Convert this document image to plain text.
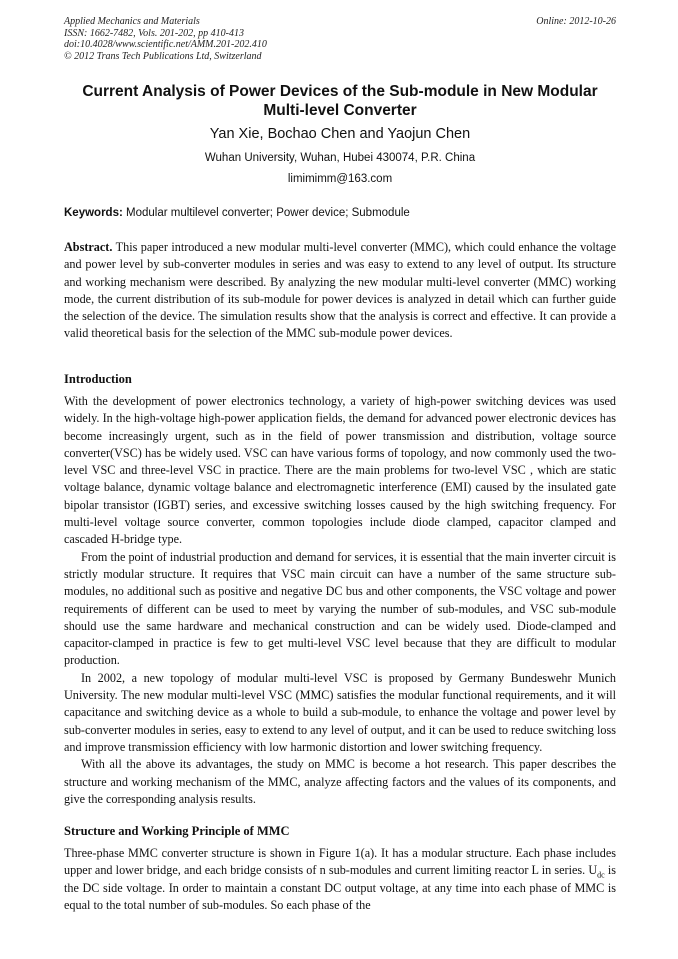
Applied Mechanics and Materials
ISSN: 1662-7482, Vols. 201-202, pp 410-413
doi:10.4028/www.scientific.net/AMM.201-202.410
© 2012 Trans Tech Publications Ltd, Switzerland
Online: 2012-10-26
Current Analysis of Power Devices of the Sub-module in New Modular Multi-level Converter
Yan Xie, Bochao Chen and Yaojun Chen
Wuhan University, Wuhan, Hubei 430074, P.R. China
limimimm@163.com
Keywords: Modular multilevel converter; Power device; Submodule
Abstract. This paper introduced a new modular multi-level converter (MMC), which could enhance the voltage and power level by sub-converter modules in series and was easy to extend to any level of output. Its structure and working mechanism were described. By analyzing the new modular multi-level converter (MMC) working mode, the current distribution of its sub-module for power devices is analyzed in detail which can further guide the selection of the device. The simulation results show that the analysis is correct and effective. It can provide a valid theoretical basis for the selection of the MMC sub-module power devices.
Introduction

With the development of power electronics technology, a variety of high-power switching devices was used widely. In the high-voltage high-power application fields, the demand for advanced power electronic devices has become increasingly urgent, such as in the field of power transmission and distribution, voltage source converter(VSC) has be widely used. VSC can have various forms of topology, and now commonly used the two-level VSC and three-level VSC in practice. There are the main problems for two-level VSC , which are static voltage balance, dynamic voltage balance and electromagnetic interference (EMI) caused by the insulated gate bipolar transistor (IGBT) series, and excessive switching losses caused by the high switching frequency. For multi-level voltage source converter, common topologies include diode clamped, capacitor clamped and cascaded H-bridge type.

From the point of industrial production and demand for services, it is essential that the main inverter circuit is strictly modular structure. It requires that VSC main circuit can have a number of the same structure sub-modules, no additional such as positive and negative DC bus and other components, the VSC voltage and power requirements of different can be used to meet by varying the number of sub-modules, and VSC sub-module should use the same hardware and mechanical construction and can be widely used. Diode-clamped and capacitor-clamped in practice is few to get multi-level VSC level because that they are difficult to modular production.

In 2002, a new topology of modular multi-level VSC is proposed by Germany Bundeswehr Munich University. The new modular multi-level VSC (MMC) satisfies the modular functional requirements, and it will capacitance and switching device as a whole to build a sub-module, to enhance the voltage and power level by sub-converter modules in series, easy to extend to any level of output, and it can be used to reduce switching loss and improve transmission efficiency with low harmonic distortion and lower switching frequency.

With all the above its advantages, the study on MMC is become a hot research. This paper describes the structure and working mechanism of the MMC, analyze affecting factors and the values of its components, and give the corresponding analysis results.

Structure and Working Principle of MMC

Three-phase MMC converter structure is shown in Figure 1(a). It has a modular structure. Each phase includes upper and lower bridge, and each bridge consists of n sub-modules and current limiting reactor L in series. $U_{dc}$ is the DC side voltage. In order to maintain a constant DC output voltage, at any time into each phase of MMC is equal to the total number of sub-modules. So each phase of the
